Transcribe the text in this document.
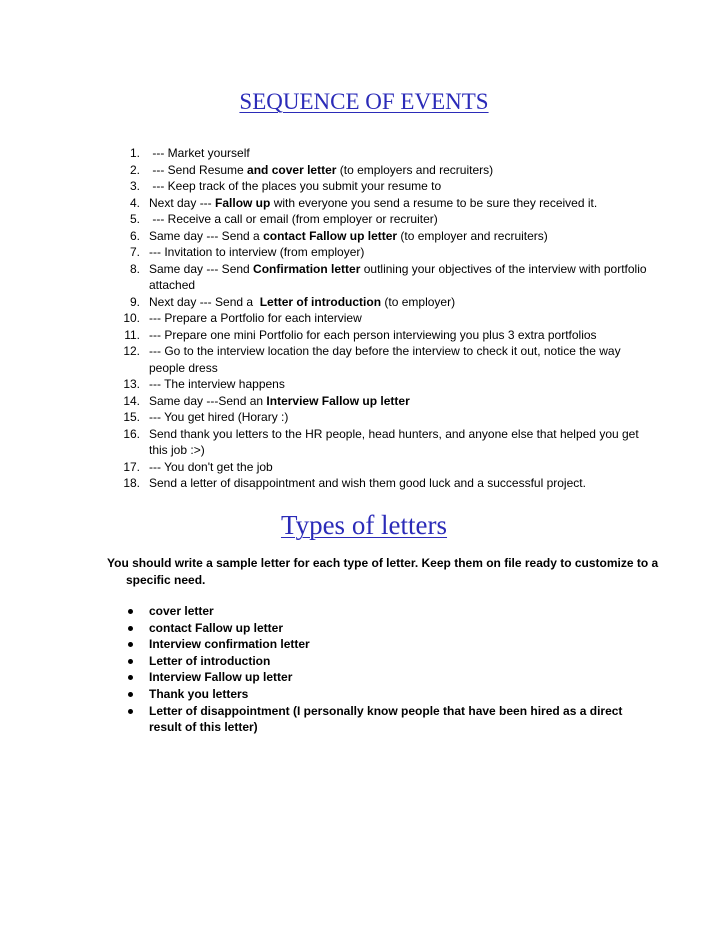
SEQUENCE OF EVENTS
1. --- Market yourself
2. --- Send Resume and cover letter (to employers and recruiters)
3. --- Keep track of the places you submit your resume to
4. Next day --- Fallow up with everyone you send a resume to be sure they received it.
5. --- Receive a call or email (from employer or recruiter)
6. Same day --- Send a contact Fallow up letter (to employer and recruiters)
7. --- Invitation to interview (from employer)
8. Same day --- Send Confirmation letter outlining your objectives of the interview with portfolio attached
9. Next day --- Send a  Letter of introduction (to employer)
10. --- Prepare a Portfolio for each interview
11. --- Prepare one mini Portfolio for each person interviewing you plus 3 extra portfolios
12. --- Go to the interview location the day before the interview to check it out, notice the way people dress
13. --- The interview happens
14. Same day ---Send an Interview Fallow up letter
15. --- You get hired (Horary :)
16. Send thank you letters to the HR people, head hunters, and anyone else that helped you get this job :>)
17. --- You don't get the job
18. Send a letter of disappointment and wish them good luck and a successful project.
Types of letters

You should write a sample letter for each type of letter. Keep them on file ready to customize to a specific need.

cover letter
contact Fallow up letter
Interview confirmation letter
Letter of introduction
Interview Fallow up letter
Thank you letters
Letter of disappointment (I personally know people that have been hired as a direct result of this letter)
